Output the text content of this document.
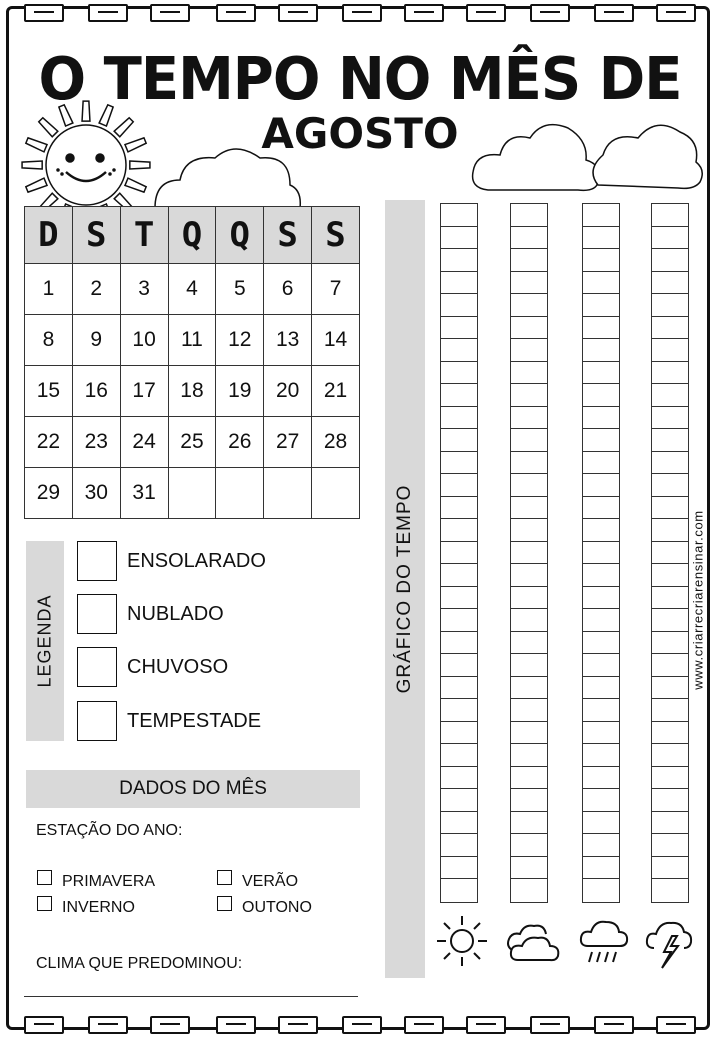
O TEMPO NO MÊS DE
AGOSTO
D	S	T	Q	Q	S	S
1	2	3	4	5	6	7
8	9	10	11	12	13	14
15	16	17	18	19	20	21
22	23	24	25	26	27	28
29	30	31				
LEGENDA
ENSOLARADO
NUBLADO
CHUVOSO
TEMPESTADE
DADOS DO MÊS
ESTAÇÃO DO ANO:
PRIMAVERA	VERÃO
INVERNO	OUTONO
CLIMA QUE PREDOMINOU:
GRÁFICO DO TEMPO	www.criarrecriarensinar.com
